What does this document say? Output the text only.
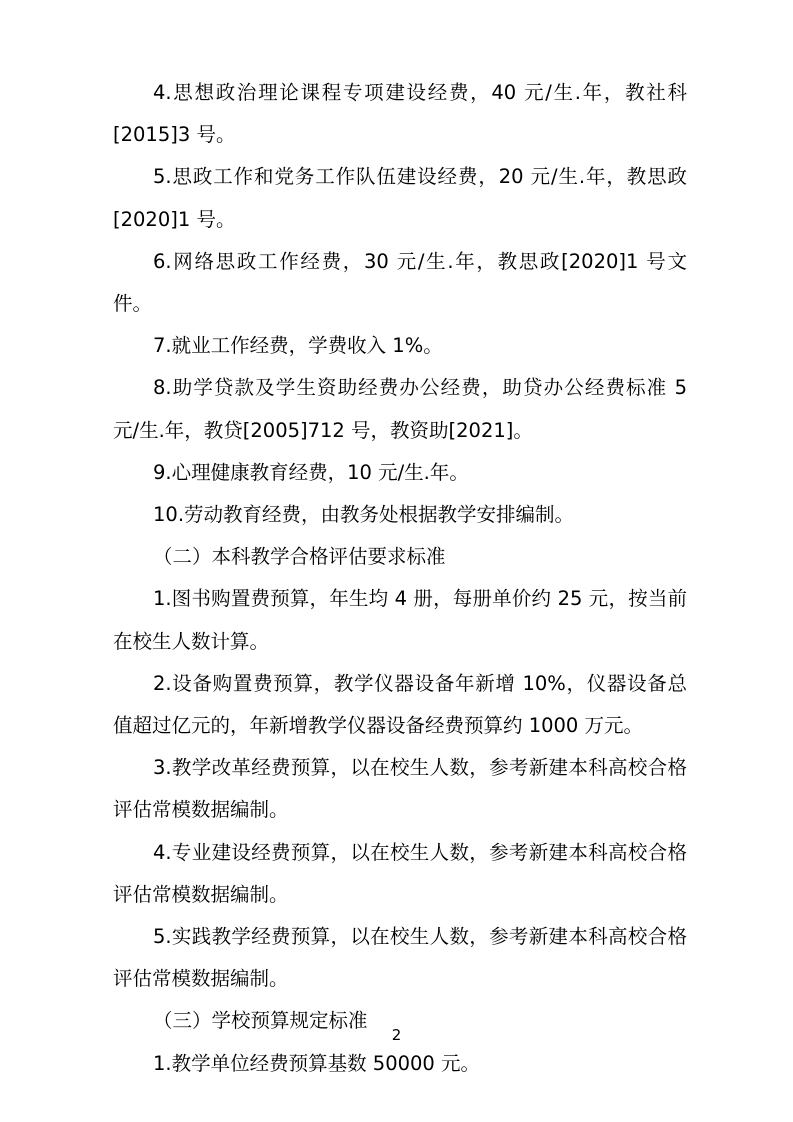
4.思想政治理论课程专项建设经费，40 元/生.年，教社科[2015]3 号。

5.思政工作和党务工作队伍建设经费，20 元/生.年，教思政[2020]1 号。

6.网络思政工作经费，30 元/生.年，教思政[2020]1 号文件。

7.就业工作经费，学费收入 1%。

8.助学贷款及学生资助经费办公经费，助贷办公经费标准 5 元/生.年，教贷[2005]712 号，教资助[2021]。

9.心理健康教育经费，10 元/生.年。

10.劳动教育经费，由教务处根据教学安排编制。

（二）本科教学合格评估要求标准

1.图书购置费预算，年生均 4 册，每册单价约 25 元，按当前在校生人数计算。

2.设备购置费预算，教学仪器设备年新增 10%，仪器设备总值超过亿元的，年新增教学仪器设备经费预算约 1000 万元。

3.教学改革经费预算，以在校生人数，参考新建本科高校合格评估常模数据编制。

4.专业建设经费预算，以在校生人数，参考新建本科高校合格评估常模数据编制。

5.实践教学经费预算，以在校生人数，参考新建本科高校合格评估常模数据编制。

（三）学校预算规定标准

1.教学单位经费预算基数 50000 元。

2
